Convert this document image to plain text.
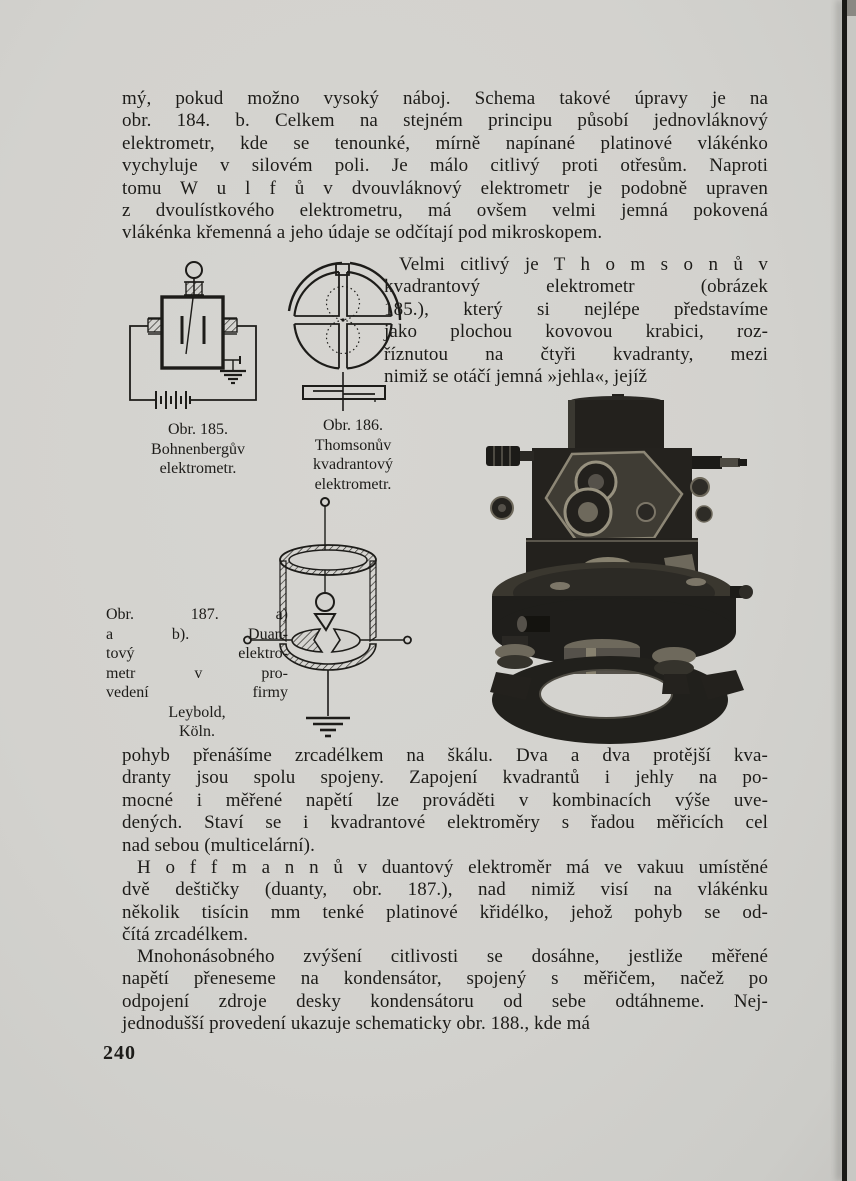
mý, pokud možno vysoký náboj. Schema takové úpravy je na
obr. 184. b. Celkem na stejném principu působí jednovláknový
elektrometr, kde se tenounké, mírně napínané platinové vlákénko
vychyluje v silovém poli. Je málo citlivý proti otřesům. Naproti
tomu W u l f ů v dvouvláknový elektrometr je podobně upraven
z dvoulístkového elektrometru, má ovšem velmi jemná pokovená
vlákénka křemenná a jeho údaje se odčítají pod mikroskopem.
Velmi citlivý je T h o m s o n ů v
kvadrantový elektrometr (obrázek
185.), který si nejlépe představíme
jako plochou kovovou krabici, roz-
říznutou na čtyři kvadranty, mezi
nimiž se otáčí jemná »jehla«, jejíž
pohyb přenášíme zrcadélkem na škálu. Dva a dva protější kva-
dranty jsou spolu spojeny. Zapojení kvadrantů i jehly na po-
mocné i měřené napětí lze prováděti v kombinacích výše uve-
dených. Staví se i kvadrantové elektroměry s řadou měřicích cel
nad sebou (multicelární).
H o f f m a n n ů v duantový elektroměr má ve vakuu umístěné
dvě deštičky (duanty, obr. 187.), nad nimiž visí na vlákénku
několik tisícin mm tenké platinové křidélko, jehož pohyb se od-
čítá zrcadélkem.
Mnohonásobného zvýšení citlivosti se dosáhne, jestliže měřené
napětí přeneseme na kondensátor, spojený s měřičem, načež po
odpojení zdroje desky kondensátoru od sebe odtáhneme. Nej-
jednodušší provedení ukazuje schematicky obr. 188., kde má
Obr. 185.
Bohnenbergův
elektrometr.
Obr. 186.
Thomsonův
kvadrantový
elektrometr.
Obr. 187. a)
a b). Duan-
tový elektro-
metr v pro-
vedení firmy
Leybold,
Köln.
240
